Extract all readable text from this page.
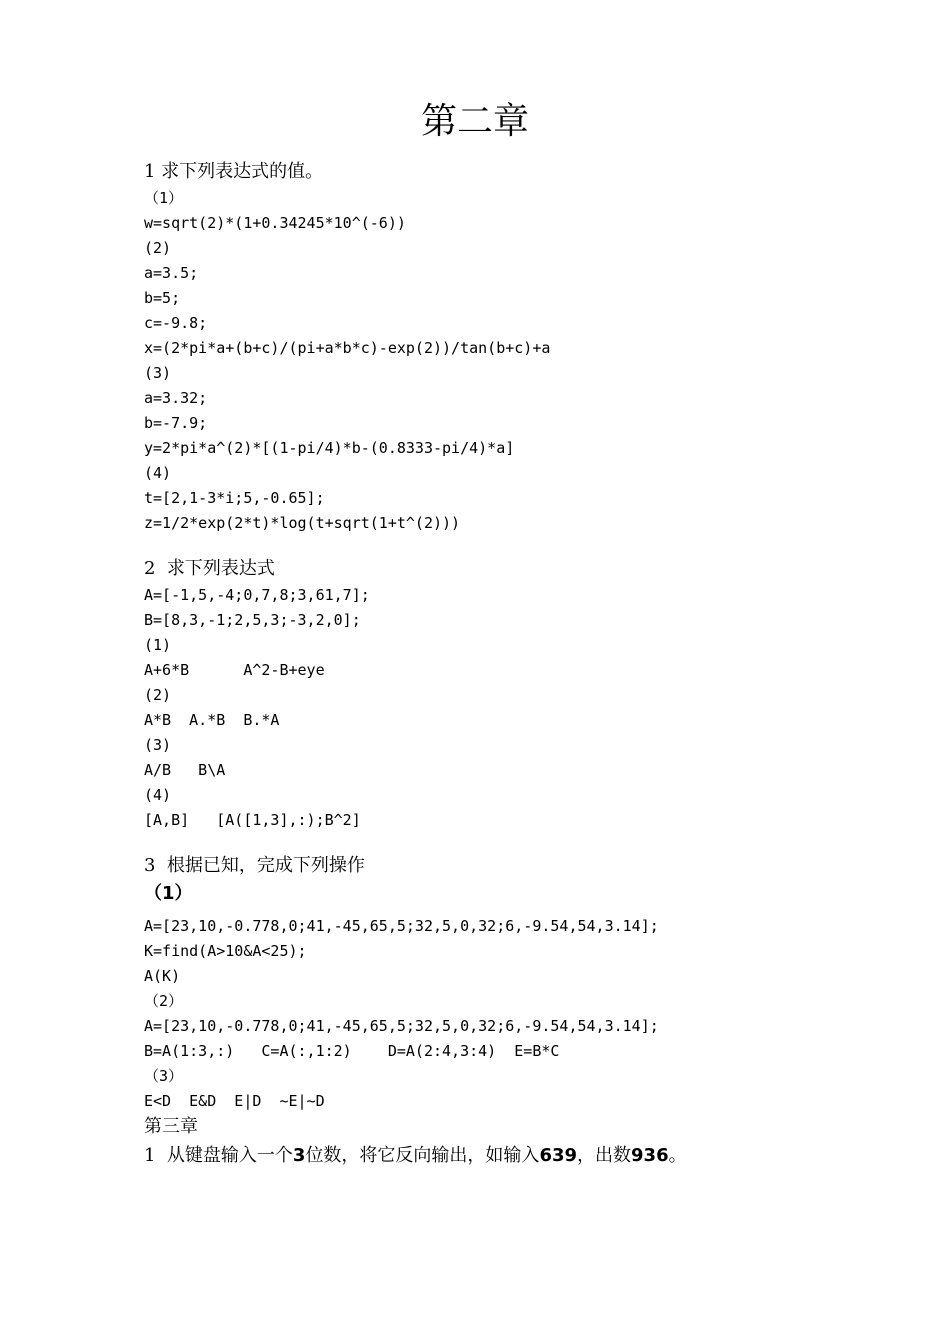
第二章
1 求下列表达式的值。
（1）
w=sqrt(2)*(1+0.34245*10^(-6))
(2)
a=3.5;
b=5;
c=-9.8;
x=(2*pi*a+(b+c)/(pi+a*b*c)-exp(2))/tan(b+c)+a
(3)
a=3.32;
b=-7.9;
y=2*pi*a^(2)*[(1-pi/4)*b-(0.8333-pi/4)*a]
(4)
t=[2,1-3*i;5,-0.65];
z=1/2*exp(2*t)*log(t+sqrt(1+t^(2)))
2  求下列表达式
A=[-1,5,-4;0,7,8;3,61,7];
B=[8,3,-1;2,5,3;-3,2,0];
(1)
A+6*B      A^2-B+eye
(2)
A*B  A.*B  B.*A
(3)
A/B   B\A
(4)
[A,B]   [A([1,3],:);B^2]
3  根据已知，完成下列操作
（1）
A=[23,10,-0.778,0;41,-45,65,5;32,5,0,32;6,-9.54,54,3.14];
K=find(A>10&A<25);
A(K)
（2）
A=[23,10,-0.778,0;41,-45,65,5;32,5,0,32;6,-9.54,54,3.14];
B=A(1:3,:)   C=A(:,1:2)    D=A(2:4,3:4)  E=B*C
（3）
E<D  E&D  E|D  ~E|~D
第三章
1  从键盘输入一个3位数，将它反向输出，如输入639，出数936。
